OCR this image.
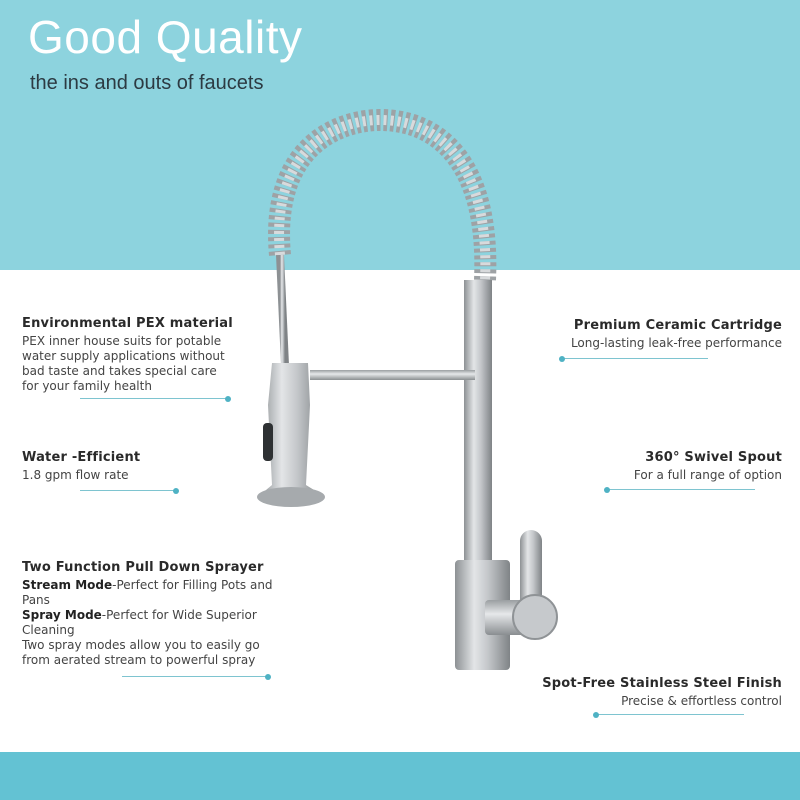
Good Quality
the ins and outs of faucets
Environmental PEX material
PEX inner house suits for potable
water supply applications without
bad taste and takes special care
for your family health
Water -Efficient
1.8 gpm flow rate
Two Function Pull Down Sprayer
Stream Mode-Perfect for Filling Pots and Pans
Spray Mode-Perfect for Wide Superior Cleaning
Two spray modes allow you to easily go
from aerated stream to powerful spray
Premium Ceramic Cartridge
Long-lasting leak-free performance
360° Swivel Spout
For a full range of option
Spot-Free Stainless Steel Finish
Precise & effortless control
